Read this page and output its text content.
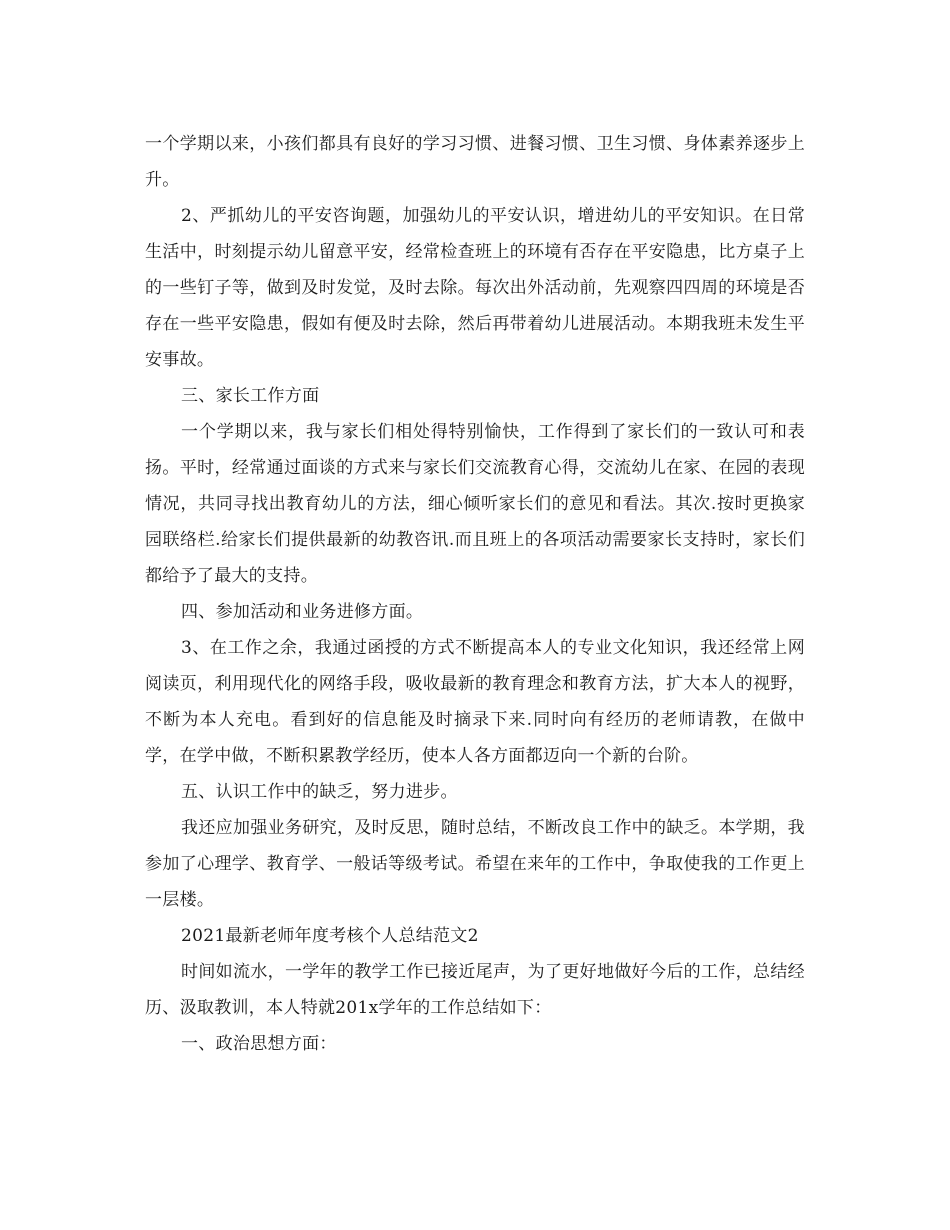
一个学期以来，小孩们都具有良好的学习习惯、进餐习惯、卫生习惯、身体素养逐步上升。

2、严抓幼儿的平安咨询题，加强幼儿的平安认识，增进幼儿的平安知识。在日常生活中，时刻提示幼儿留意平安，经常检查班上的环境有否存在平安隐患，比方桌子上的一些钉子等，做到及时发觉，及时去除。每次出外活动前，先观察四四周的环境是否存在一些平安隐患，假如有便及时去除，然后再带着幼儿进展活动。本期我班未发生平安事故。

三、家长工作方面

一个学期以来，我与家长们相处得特别愉快，工作得到了家长们的一致认可和表扬。平时，经常通过面谈的方式来与家长们交流教育心得，交流幼儿在家、在园的表现情况，共同寻找出教育幼儿的方法，细心倾听家长们的意见和看法。其次.按时更换家园联络栏.给家长们提供最新的幼教咨讯.而且班上的各项活动需要家长支持时，家长们都给予了最大的支持。

四、参加活动和业务进修方面。

3、在工作之余，我通过函授的方式不断提高本人的专业文化知识，我还经常上网阅读页，利用现代化的网络手段，吸收最新的教育理念和教育方法，扩大本人的视野，不断为本人充电。看到好的信息能及时摘录下来.同时向有经历的老师请教，在做中学，在学中做，不断积累教学经历，使本人各方面都迈向一个新的台阶。

五、认识工作中的缺乏，努力进步。

我还应加强业务研究，及时反思，随时总结，不断改良工作中的缺乏。本学期，我参加了心理学、教育学、一般话等级考试。希望在来年的工作中，争取使我的工作更上一层楼。

2021最新老师年度考核个人总结范文2

时间如流水，一学年的教学工作已接近尾声，为了更好地做好今后的工作，总结经历、汲取教训，本人特就201x学年的工作总结如下：

一、政治思想方面：
